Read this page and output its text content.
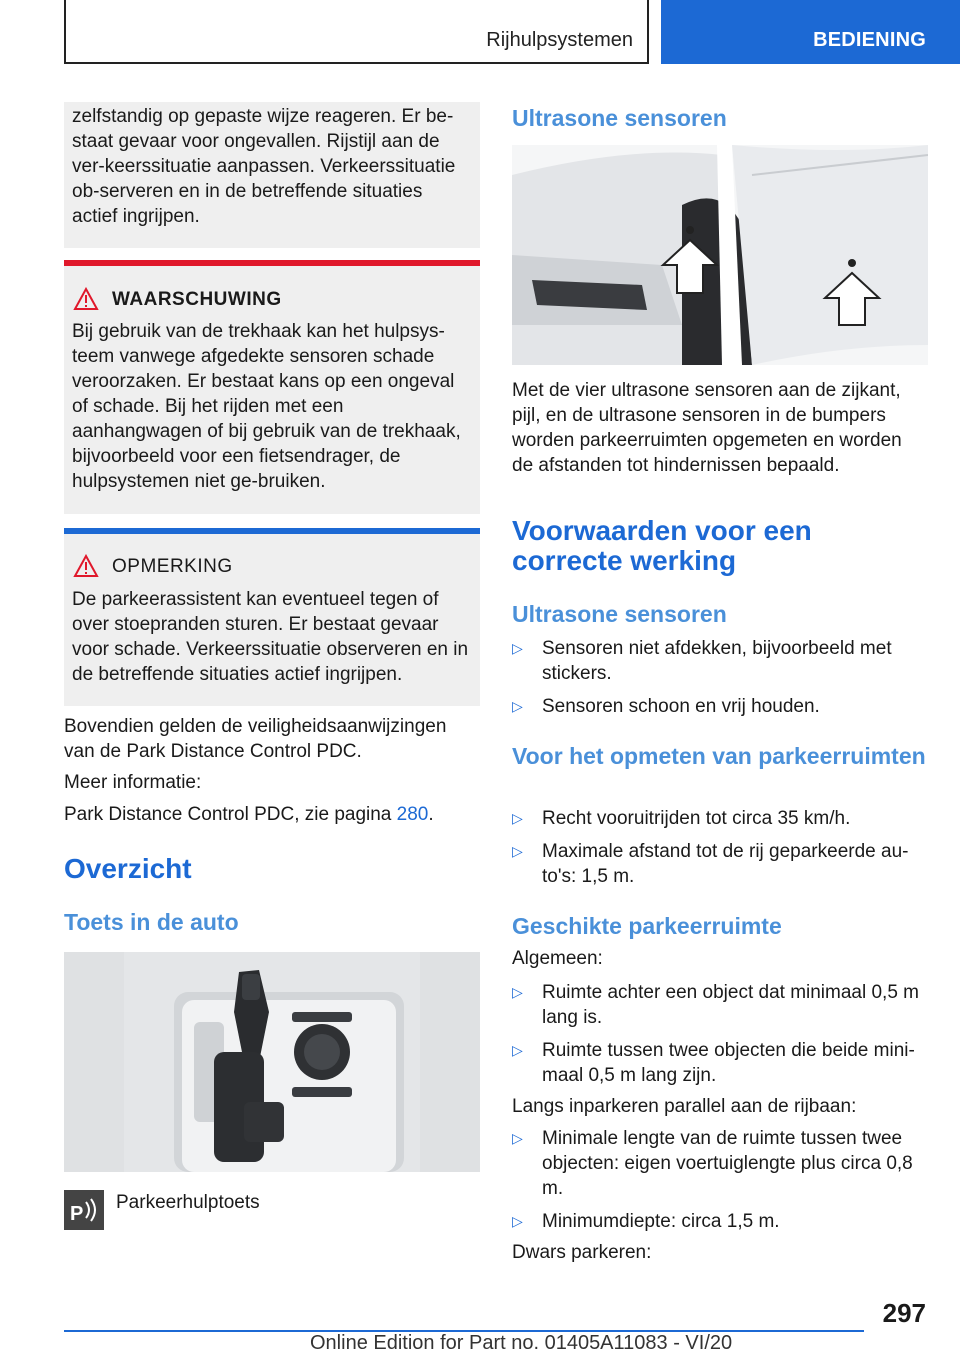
Rijhulpsystemen	BEDIENING

zelfstandig op gepaste wijze reageren. Er be-staat gevaar voor ongevallen. Rijstijl aan de ver-keerssituatie aanpassen. Verkeerssituatie ob-serveren en in de betreffende situaties actief ingrijpen.

WAARSCHUWING
Bij gebruik van de trekhaak kan het hulpsys-teem vanwege afgedekte sensoren schade veroorzaken. Er bestaat kans op een ongeval of schade. Bij het rijden met een aanhangwagen of bij gebruik van de trekhaak, bijvoorbeeld voor een fietsendrager, de hulpsystemen niet ge-bruiken.
OPMERKING
De parkeerassistent kan eventueel tegen of over stoepranden sturen. Er bestaat gevaar voor schade. Verkeerssituatie observeren en in de betreffende situaties actief ingrijpen.
Bovendien gelden de veiligheidsaanwijzingen van de Park Distance Control PDC.
Meer informatie:
Park Distance Control PDC, zie pagina 280.
Overzicht
Toets in de auto
P
Parkeerhulptoets
Ultrasone sensoren
Met de vier ultrasone sensoren aan de zijkant, pijl, en de ultrasone sensoren in de bumpers worden parkeerruimten opgemeten en worden de afstanden tot hindernissen bepaald.
Voorwaarden voor een correcte werking
Ultrasone sensoren
▷ Sensoren niet afdekken, bijvoorbeeld met stickers.
▷ Sensoren schoon en vrij houden.
Voor het opmeten van parkeerruimten
▷ Recht vooruitrijden tot circa 35 km/h.
▷ Maximale afstand tot de rij geparkeerde au-to's: 1,5 m.
Geschikte parkeerruimte
Algemeen:
▷ Ruimte achter een object dat minimaal 0,5 m lang is.
▷ Ruimte tussen twee objecten die beide mini-maal 0,5 m lang zijn.
Langs inparkeren parallel aan de rijbaan:
▷ Minimale lengte van de ruimte tussen twee objecten: eigen voertuiglengte plus circa 0,8 m.
▷ Minimumdiepte: circa 1,5 m.
Dwars parkeren:
297
Online Edition for Part no. 01405A11083 - VI/20
